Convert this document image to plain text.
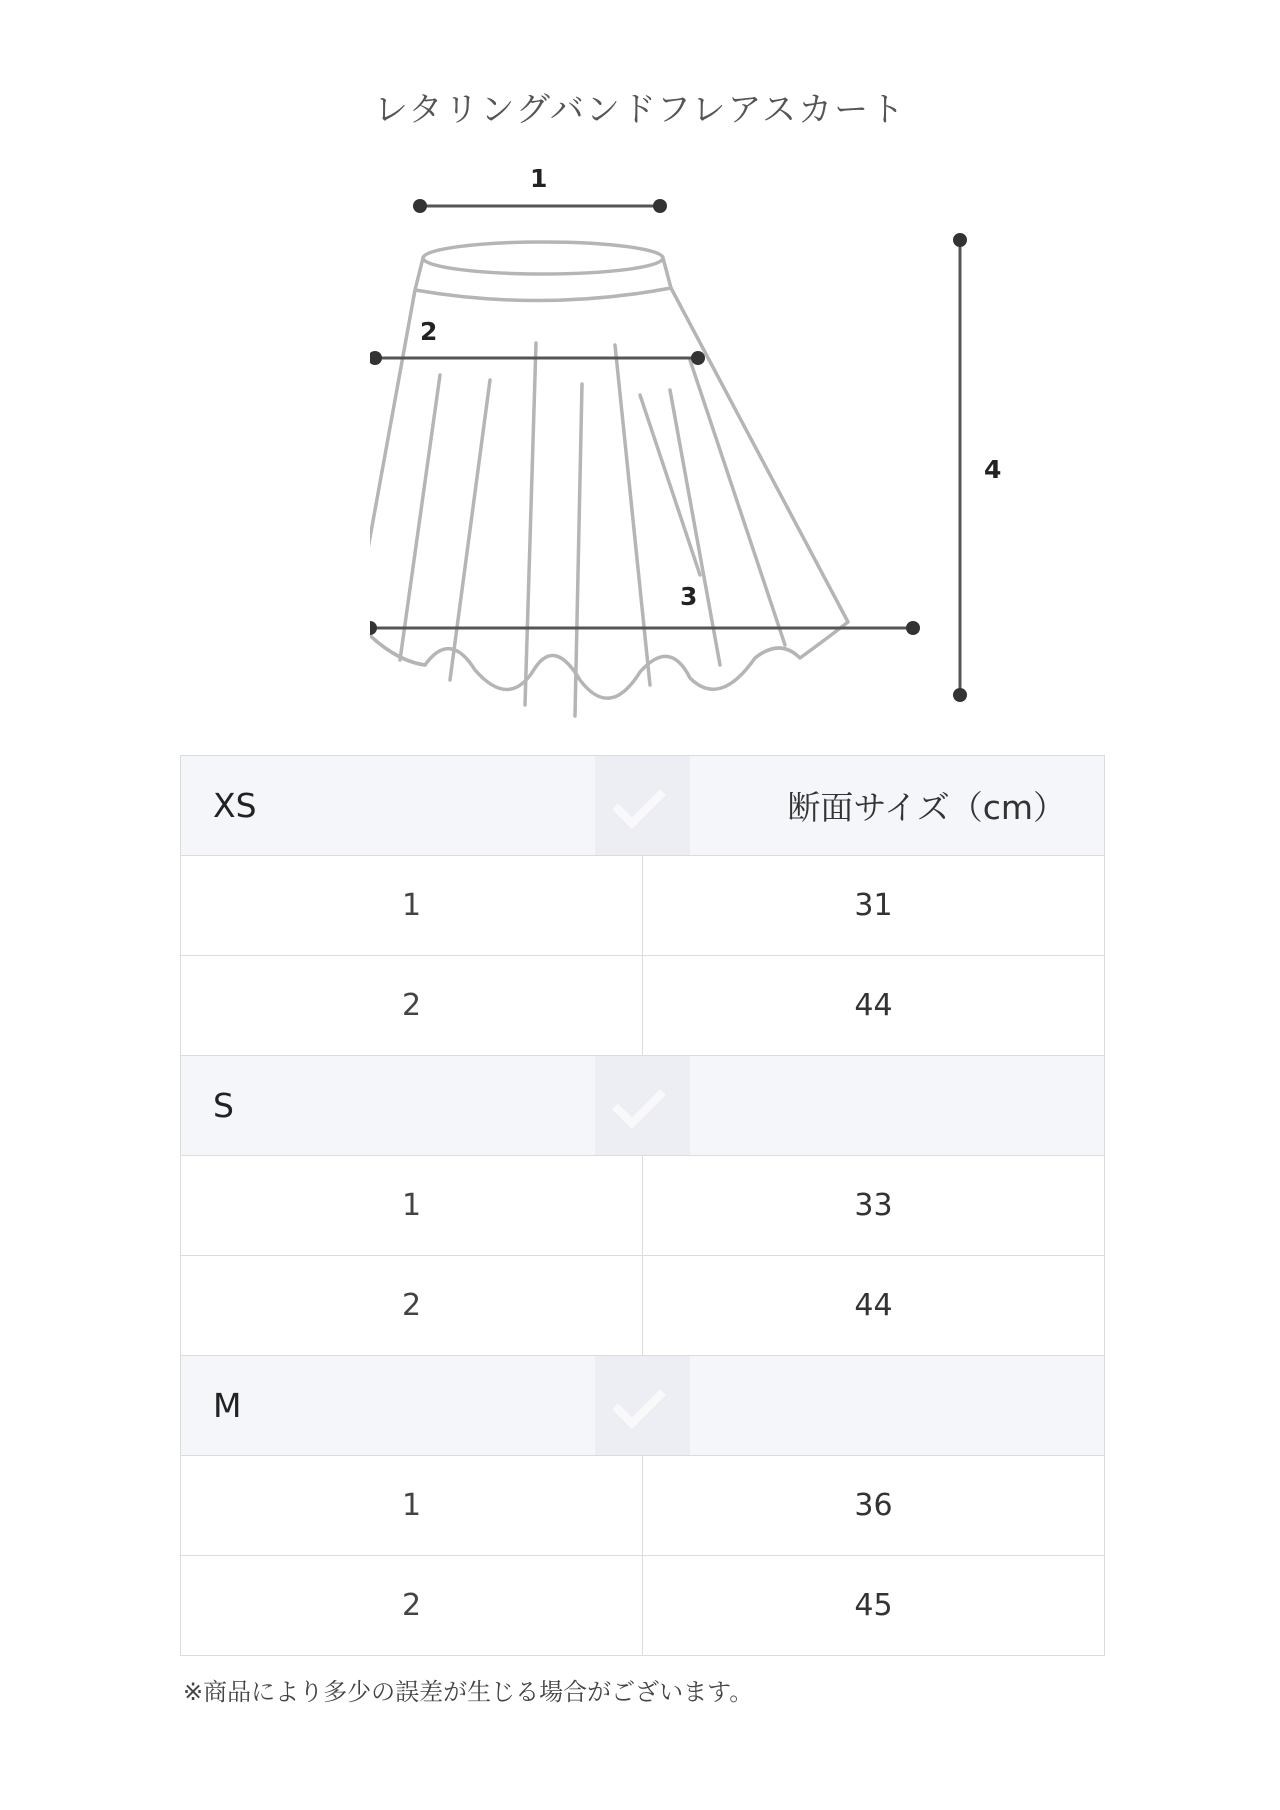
レタリングバンドフレアスカート
1
2
3
4
XS	断面サイズ（cm）
1	31
2	44
S

1	33
2	44
M

1	36
2	45
※商品により多少の誤差が生じる場合がございます。
